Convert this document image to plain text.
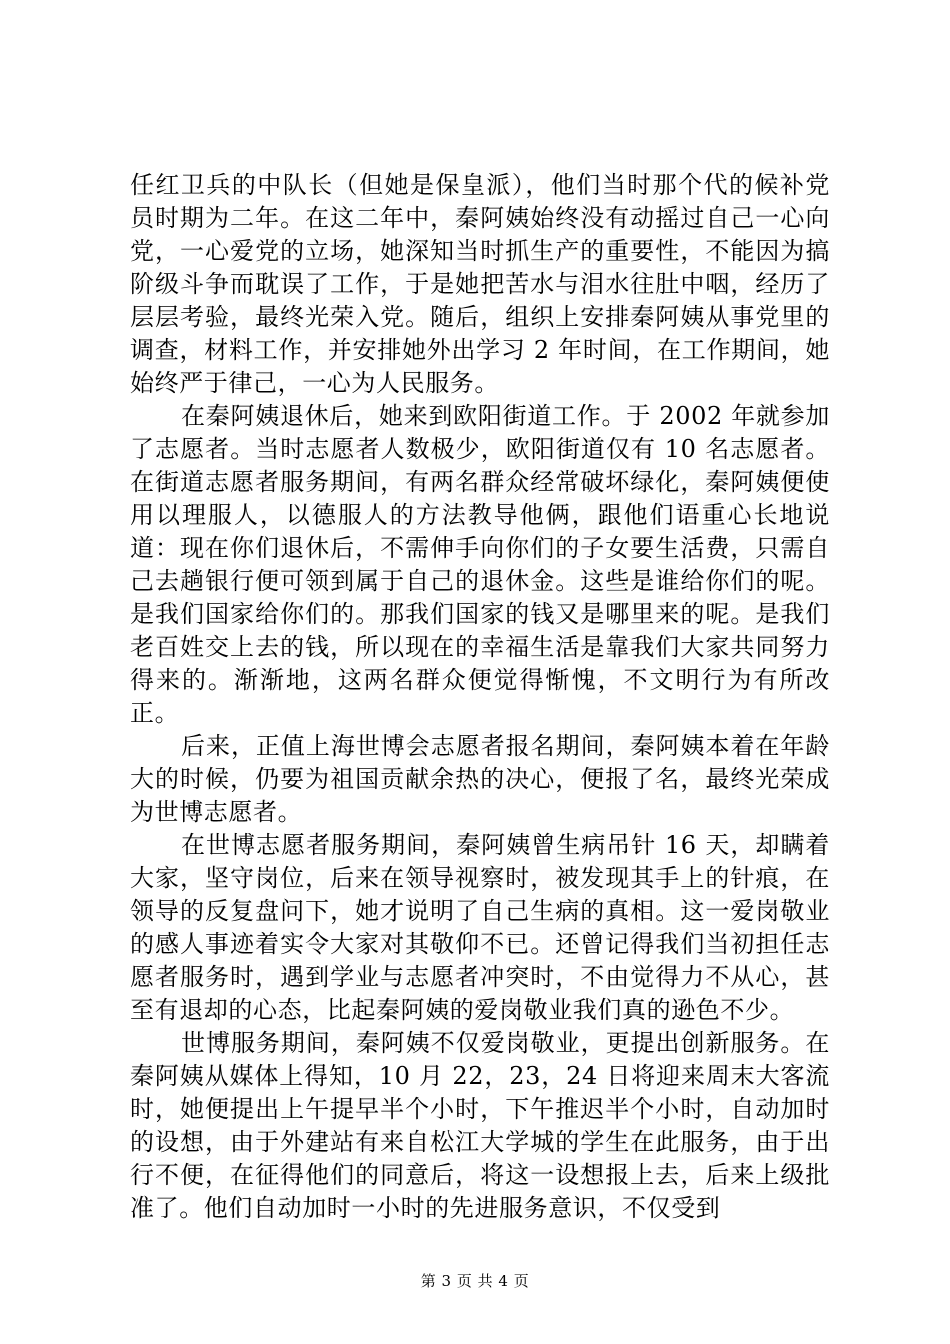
任红卫兵的中队长（但她是保皇派），他们当时那个代的候补党员时期为二年。在这二年中，秦阿姨始终没有动摇过自己一心向党，一心爱党的立场，她深知当时抓生产的重要性，不能因为搞阶级斗争而耽误了工作，于是她把苦水与泪水往肚中咽，经历了层层考验，最终光荣入党。随后，组织上安排秦阿姨从事党里的调查，材料工作，并安排她外出学习 2 年时间，在工作期间，她始终严于律己，一心为人民服务。

在秦阿姨退休后，她来到欧阳街道工作。于 2002 年就参加了志愿者。当时志愿者人数极少，欧阳街道仅有 10 名志愿者。在街道志愿者服务期间，有两名群众经常破坏绿化，秦阿姨便使用以理服人，以德服人的方法教导他俩，跟他们语重心长地说道：现在你们退休后，不需伸手向你们的子女要生活费，只需自己去趟银行便可领到属于自己的退休金。这些是谁给你们的呢。是我们国家给你们的。那我们国家的钱又是哪里来的呢。是我们老百姓交上去的钱，所以现在的幸福生活是靠我们大家共同努力得来的。渐渐地，这两名群众便觉得惭愧，不文明行为有所改正。

后来，正值上海世博会志愿者报名期间，秦阿姨本着在年龄大的时候，仍要为祖国贡献余热的决心，便报了名，最终光荣成为世博志愿者。

在世博志愿者服务期间，秦阿姨曾生病吊针 16 天，却瞒着大家，坚守岗位，后来在领导视察时，被发现其手上的针痕，在领导的反复盘问下，她才说明了自己生病的真相。这一爱岗敬业的感人事迹着实令大家对其敬仰不已。还曾记得我们当初担任志愿者服务时，遇到学业与志愿者冲突时，不由觉得力不从心，甚至有退却的心态，比起秦阿姨的爱岗敬业我们真的逊色不少。

世博服务期间，秦阿姨不仅爱岗敬业，更提出创新服务。在秦阿姨从媒体上得知，10 月 22，23，24 日将迎来周末大客流时，她便提出上午提早半个小时，下午推迟半个小时，自动加时的设想，由于外建站有来自松江大学城的学生在此服务，由于出行不便，在征得他们的同意后，将这一设想报上去，后来上级批准了。他们自动加时一小时的先进服务意识，不仅受到

第 3 页 共 4 页
